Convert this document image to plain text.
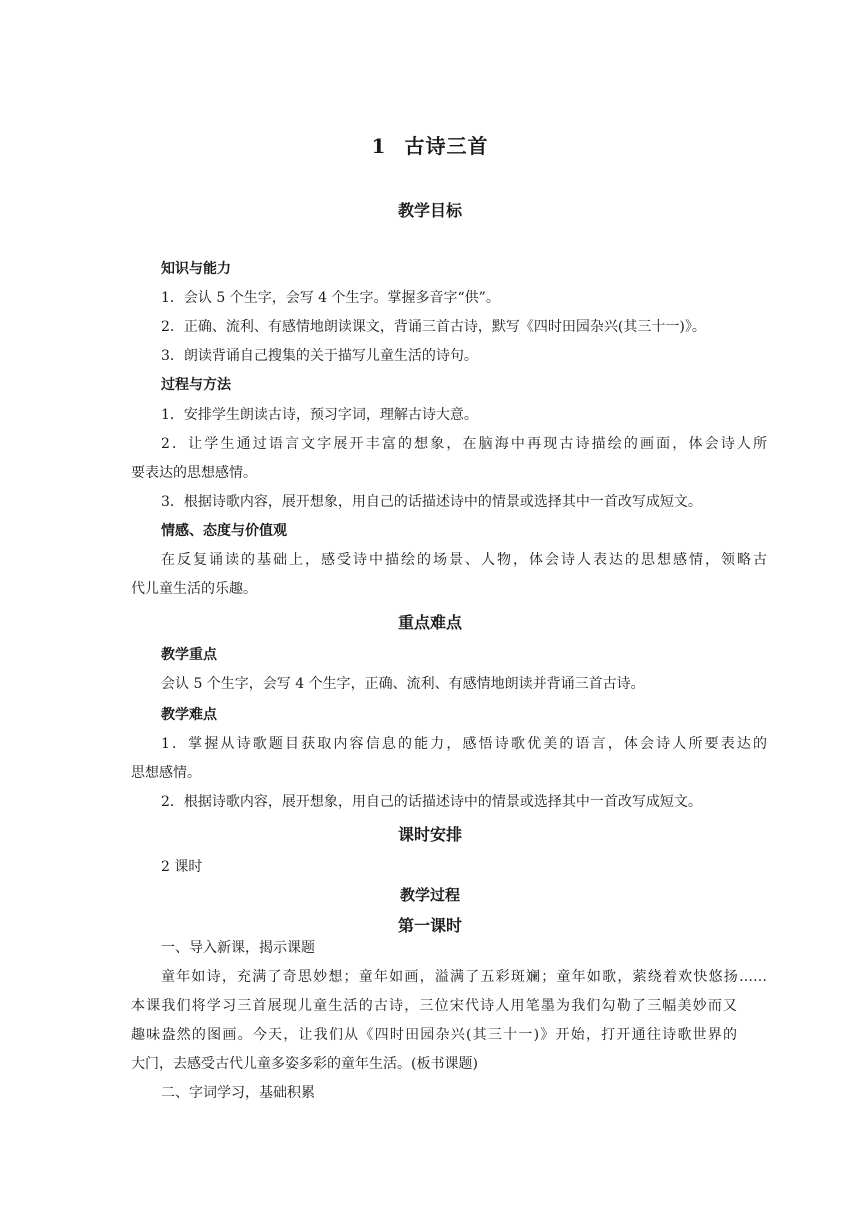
1 古诗三首
教学目标
知识与能力
1．会认 5 个生字，会写 4 个生字。掌握多音字“供”。
2．正确、流利、有感情地朗读课文，背诵三首古诗，默写《四时田园杂兴(其三十一)》。
3．朗读背诵自己搜集的关于描写儿童生活的诗句。
过程与方法
1．安排学生朗读古诗，预习字词，理解古诗大意。
2．让学生通过语言文字展开丰富的想象，在脑海中再现古诗描绘的画面，体会诗人所
要表达的思想感情。
3．根据诗歌内容，展开想象，用自己的话描述诗中的情景或选择其中一首改写成短文。
情感、态度与价值观
在反复诵读的基础上，感受诗中描绘的场景、人物，体会诗人表达的思想感情，领略古
代儿童生活的乐趣。
重点难点
教学重点
会认 5 个生字，会写 4 个生字，正确、流利、有感情地朗读并背诵三首古诗。
教学难点
1．掌握从诗歌题目获取内容信息的能力，感悟诗歌优美的语言，体会诗人所要表达的
思想感情。
2．根据诗歌内容，展开想象，用自己的话描述诗中的情景或选择其中一首改写成短文。
课时安排
2 课时
教学过程
第一课时
一、导入新课，揭示课题
童年如诗，充满了奇思妙想；童年如画，溢满了五彩斑斓；童年如歌，萦绕着欢快悠扬……
本课我们将学习三首展现儿童生活的古诗，三位宋代诗人用笔墨为我们勾勒了三幅美妙而又
趣味盎然的图画。今天，让我们从《四时田园杂兴(其三十一)》开始，打开通往诗歌世界的
大门，去感受古代儿童多姿多彩的童年生活。(板书课题)
二、字词学习，基础积累
